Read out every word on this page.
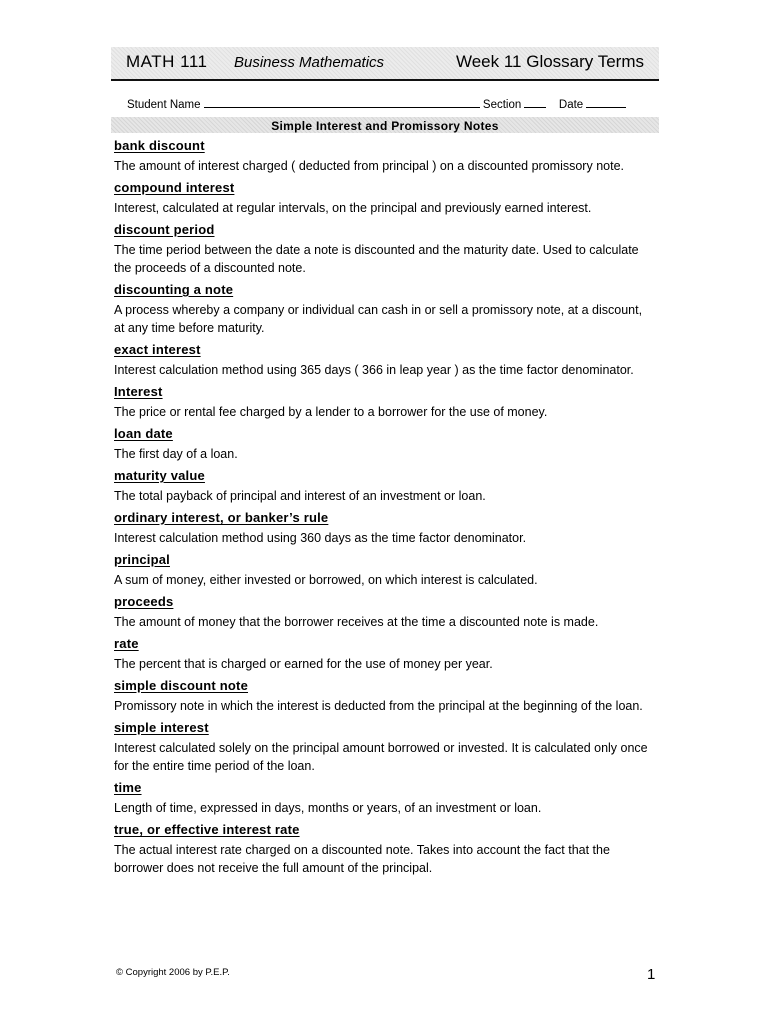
MATH 111 Business Mathematics	Week 11 Glossary Terms
Student Name	Section	Date
Simple Interest and Promissory Notes
bank discount
The amount of interest charged ( deducted from principal ) on a discounted promissory note.
compound interest
Interest, calculated at regular intervals, on the principal and previously earned interest.
discount period
The time period between the date a note is discounted and the maturity date. Used to calculate the proceeds of a discounted note.
discounting a note
A process whereby a company or individual can cash in or sell a promissory note, at a discount, at any time before maturity.
exact interest
Interest calculation method using 365 days ( 366 in leap year ) as the time factor denominator.
Interest
The price or rental fee charged by a lender to a borrower for the use of money.
loan date
The first day of a loan.
maturity value
The total payback of principal and interest of an investment or loan.
ordinary interest, or banker’s rule
Interest calculation method using 360 days as the time factor denominator.
principal
A sum of money, either invested or borrowed, on which interest is calculated.
proceeds
The amount of money that the borrower receives at the time a discounted note is made.
rate
The percent that is charged or earned for the use of money per year.
simple discount note
Promissory note in which the interest is deducted from the principal at the beginning of the loan.
simple interest
Interest calculated solely on the principal amount borrowed or invested. It is calculated only once for the entire time period of the loan.
time
Length of time, expressed in days, months or years, of an investment or loan.
true, or effective interest rate
The actual interest rate charged on a discounted note. Takes into account the fact that the borrower does not receive the full amount of the principal.
© Copyright 2006 by P.E.P.	1
